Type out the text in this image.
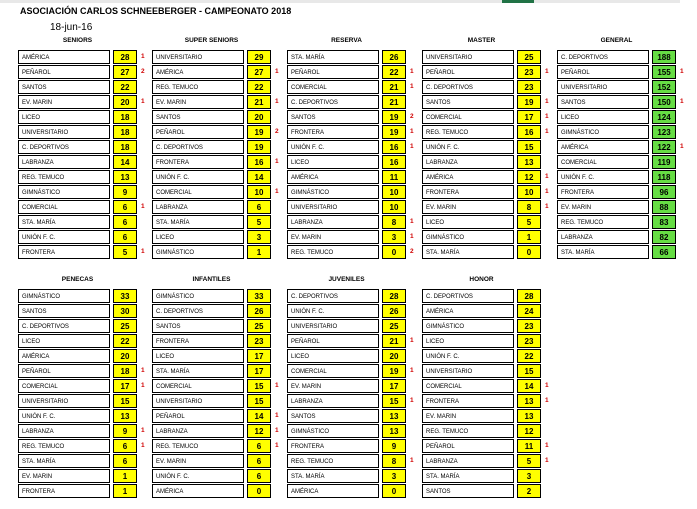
ASOCIACIÓN CARLOS SCHNEEBERGER - CAMPEONATO 2018
18-jun-16
SENIORS
AMÉRICA	28	1
PEÑAROL	27	2
SANTOS	22
EV. MARIN	20	1
LICEO	18
UNIVERSITARIO	18
C. DEPORTIVOS	18
LABRANZA	14
REG. TEMUCO	13
GIMNÁSTICO	9
COMERCIAL	6	1
STA. MARÍA	6
UNIÓN F. C.	6
FRONTERA	5	1
SUPER SENIORS
UNIVERSITARIO	29
AMÉRICA	27	1
REG. TEMUCO	22
EV. MARIN	21	1
SANTOS	20
PEÑAROL	19	2
C. DEPORTIVOS	19
FRONTERA	16	1
UNIÓN F. C.	14
COMERCIAL	10	1
LABRANZA	6
STA. MARÍA	5
LICEO	3
GIMNÁSTICO	1
RESERVA
STA. MARÍA	26
PEÑAROL	22	1
COMERCIAL	21	1
C. DEPORTIVOS	21
SANTOS	19	2
FRONTERA	19	1
UNIÓN F. C.	16	1
LICEO	16
AMÉRICA	11
GIMNÁSTICO	10
UNIVERSITARIO	10
LABRANZA	8	1
EV. MARIN	3	1
REG. TEMUCO	0	2
MASTER
UNIVERSITARIO	25
PEÑAROL	23	1
C. DEPORTIVOS	23
SANTOS	19	1
COMERCIAL	17	1
REG. TEMUCO	16	1
UNIÓN F. C.	15
LABRANZA	13
AMÉRICA	12	1
FRONTERA	10	1
EV. MARIN	8	1
LICEO	5
GIMNÁSTICO	1
STA. MARÍA	0
GENERAL
C. DEPORTIVOS	188
PEÑAROL	155	1
UNIVERSITARIO	152
SANTOS	150	1
LICEO	124
GIMNÁSTICO	123
AMÉRICA	122	1
COMERCIAL	119
UNIÓN F. C.	118
FRONTERA	96
EV. MARIN	88
REG. TEMUCO	83
LABRANZA	82
STA. MARÍA	66
PENECAS
GIMNÁSTICO	33
SANTOS	30
C. DEPORTIVOS	25
LICEO	22
AMÉRICA	20
PEÑAROL	18	1
COMERCIAL	17	1
UNIVERSITARIO	15
UNIÓN F. C.	13
LABRANZA	9	1
REG. TEMUCO	6	1
STA. MARÍA	6
EV. MARIN	1
FRONTERA	1
INFANTILES
GIMNÁSTICO	33
C. DEPORTIVOS	26
SANTOS	25
FRONTERA	23
LICEO	17
STA. MARÍA	17
COMERCIAL	15	1
UNIVERSITARIO	15
PEÑAROL	14	1
LABRANZA	12	1
REG. TEMUCO	6	1
EV. MARIN	6
UNIÓN F. C.	6
AMÉRICA	0
JUVENILES
C. DEPORTIVOS	28
UNIÓN F. C.	26
UNIVERSITARIO	25
PEÑAROL	21	1
LICEO	20
COMERCIAL	19	1
EV. MARIN	17
LABRANZA	15	1
SANTOS	13
GIMNÁSTICO	13
FRONTERA	9
REG. TEMUCO	8	1
STA. MARÍA	3
AMÉRICA	0
HONOR
C. DEPORTIVOS	28
AMÉRICA	24
GIMNÁSTICO	23
LICEO	23
UNIÓN F. C.	22
UNIVERSITARIO	15
COMERCIAL	14	1
FRONTERA	13	1
EV. MARIN	13
REG. TEMUCO	12
PEÑAROL	11	1
LABRANZA	5	1
STA. MARÍA	3
SANTOS	2
